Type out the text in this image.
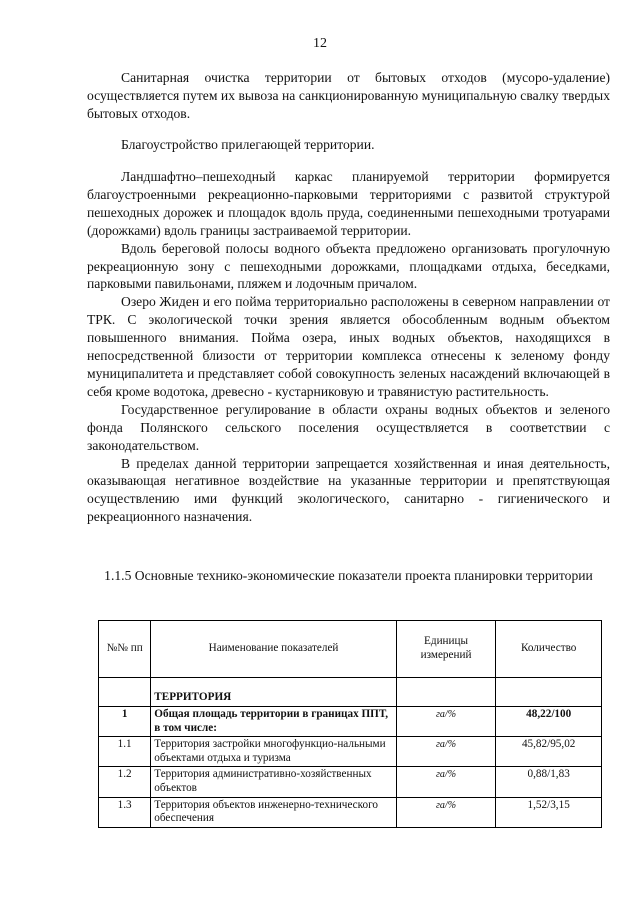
12

Санитарная очистка территории от бытовых отходов (мусоро-удаление) осуществляется путем их вывоза на санкционированную муниципальную свалку твердых бытовых отходов.

Благоустройство прилегающей территории.

Ландшафтно–пешеходный каркас планируемой территории формируется благоустроенными рекреационно-парковыми территориями с развитой структурой пешеходных дорожек и площадок вдоль пруда, соединенными пешеходными тротуарами (дорожками) вдоль границы застраиваемой территории.

Вдоль береговой полосы водного объекта предложено организовать прогулочную рекреационную зону с пешеходными дорожками, площадками отдыха, беседками, парковыми павильонами, пляжем и лодочным причалом.

Озеро Жиден и его пойма территориально расположены в северном направлении от ТРК. С экологической точки зрения является обособленным водным объектом повышенного внимания. Пойма озера, иных водных объектов, находящихся в непосредственной близости от территории комплекса отнесены к зеленому фонду муниципалитета и представляет собой совокупность зеленых насаждений включающей в себя кроме водотока, древесно - кустарниковую и травянистую растительность.

Государственное регулирование в области охраны водных объектов и зеленого фонда Полянского сельского поселения осуществляется в соответствии с законодательством.

В пределах данной территории запрещается хозяйственная и иная деятельность, оказывающая негативное воздействие на указанные территории и препятствующая осуществлению ими функций экологического, санитарно - гигиенического и рекреационного назначения.

1.1.5 Основные технико-экономические показатели проекта планировки территории
№№ пп	Наименование показателей	Единицы измерений	Количество
	ТЕРРИТОРИЯ		
1	Общая площадь территории в границах ППТ, в том числе:	га/%	48,22/100
1.1	Территория застройки многофункцио-нальными объектами отдыха и туризма	га/%	45,82/95,02
1.2	Территория административно-хозяйственных объектов	га/%	0,88/1,83
1.3	Территория объектов инженерно-технического обеспечения	га/%	1,52/3,15
